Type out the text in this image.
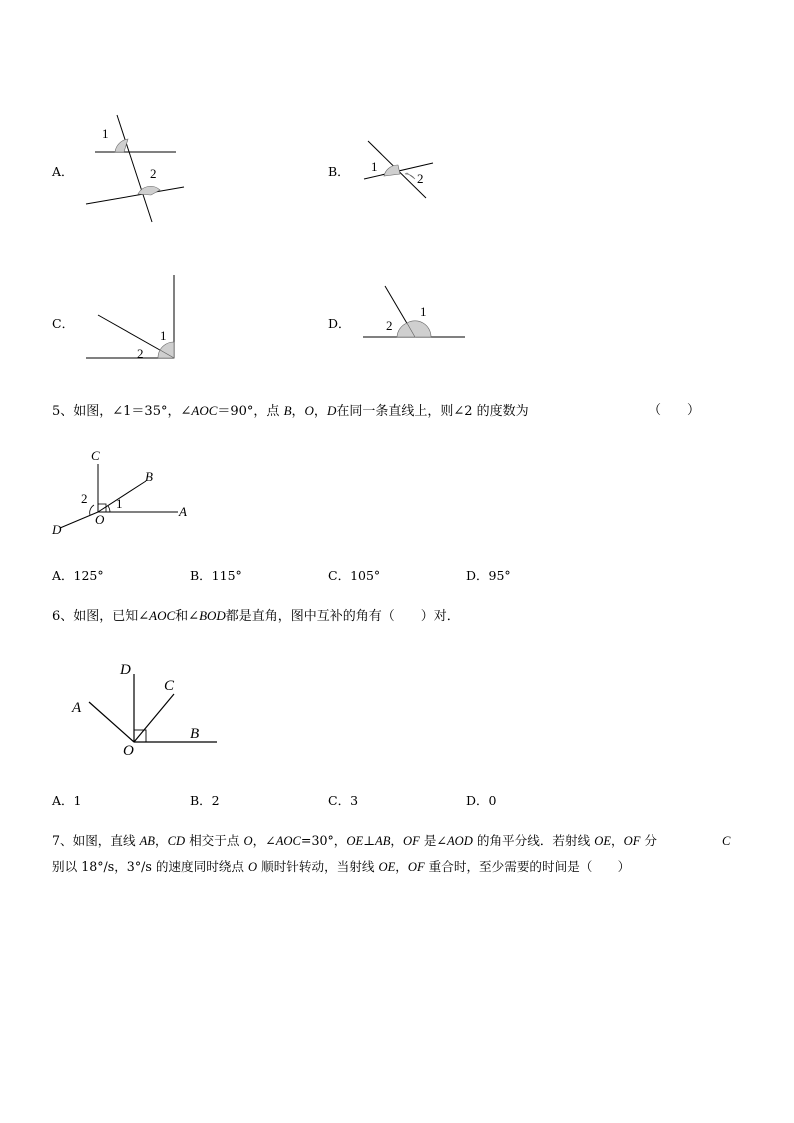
A．
1
2	B． 1
2
C．
1
2
D．
1
2
5、如图，∠1＝35°，∠AOC＝90°，点 B，O，D在同一条直线上，则∠2 的度数为	（　　）
C
B
A
D
O
1
2
A．125°	B．115°	C．105°	D．95°
6、如图，已知∠AOC和∠BOD都是直角，图中互补的角有（　　）对．
D
C
A
B
O
A．1	B．2	C．3	D．0
7、如图，直线 AB，CD 相交于点 O，∠AOC=30°，OE⊥AB，OF 是∠AOD 的角平分线．若射线 OE，OF 分	C
别以 18°/s，3°/s 的速度同时绕点 O 顺时针转动，当射线 OE，OF 重合时，至少需要的时间是（　　）
